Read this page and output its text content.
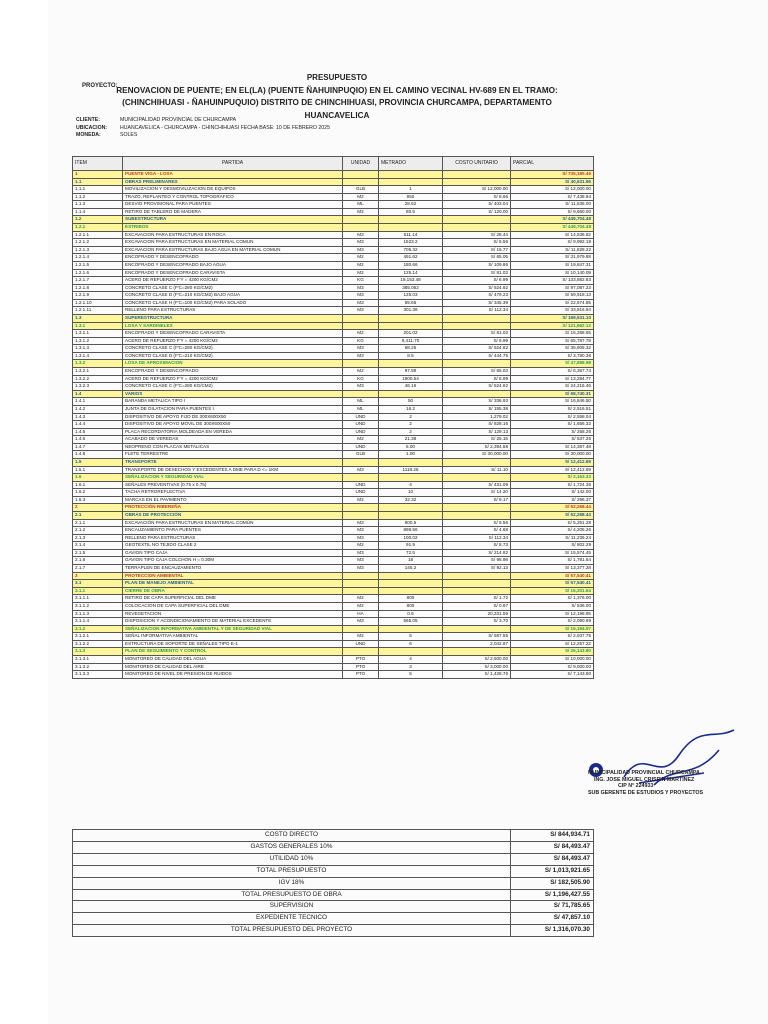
PRESUPUESTO
RENOVACION DE PUENTE; EN EL(LA) (PUENTE ÑAHUINPUQIO) EN EL CAMINO VECINAL HV-689 EN EL TRAMO:
(CHINCHIHUASI - ÑAHUINPUQUIO) DISTRITO DE CHINCHIHUASI, PROVINCIA CHURCAMPA, DEPARTAMENTO
HUANCAVELICA
PROYECTO:
CLIENTE:	MUNICIPALIDAD PROVINCIAL DE CHURCAMPA
UBICACION:	HUANCAVELICA - CHURCAMPA - CHINCHIHUASI FECHA BASE: 10 DE FEBRERO 2025
MONEDA:	SOLES
ITEM	PARTIDA	UNIDAD	METRADO	COSTO UNITARIO	PARCIAL
1	PUENTE VIGA - LOSA				S/ 735,185.46
1.1	OBRAS PRELIMINARES				S/ 40,631.96
1.1.1	MOVILIZACION Y DESMOVILIZACION DE EQUIPOS	GLB	1	S/ 12,000.00	S/ 12,000.00
1.1.2	TRAZO, REPLANTEO Y CONTROL TOPOGRAFICO	M2	850	S/ 8.66	S/ 7,438.94
1.1.3	DESVIO PROVISIONAL PARA PUENTES	ML	28.62	S/ 403.04	S/ 11,535.00
1.1.4	RETIRO DE TABLERO DE MADERA	M2	80.5	S/ 120.00	S/ 9,660.00
1.2	SUBESTRUCTURA				S/ 449,704.48
1.2.1	ESTRIBOS				S/ 449,704.48
1.2.1.1	EXCAVACION PARA ESTRUCTURAS EN ROCA	M3	511.14	S/ 28.44	S/ 14,536.82
1.2.1.2	EXCAVACION PARA ESTRUCTURAS EN MATERIAL COMUN	M3	1523.2	S/ 6.56	S/ 9,992.19
1.2.1.3	EXCAVACION PARA ESTRUCTURAS BAJO AGUA EN MATERIAL COMUN	M3	705.32	S/ 16.77	S/ 11,828.22
1.2.1.4	ENCOFRADO Y DESENCOFRADO	M2	491.62	S/ 65.05	S/ 31,979.88
1.2.1.5	ENCOFRADO Y DESENCOFRADO BAJO AGUA	M2	180.66	S/ 109.86	S/ 19,847.31
1.2.1.6	ENCOFRADO Y DESENCOFRADO CARAVISTA	M2	125.14	S/ 81.03	S/ 10,140.09
1.2.1.7	ACERO DE REFUERZO F'Y = 4200 KG/CM2	KG	19,153.48	S/ 6.99	S/ 133,882.83
1.2.1.8	CONCRETO CLASE C (F'C=280 KG/CM2)	M3	385.062	S/ 524.62	S/ 97,087.23
1.2.1.9	CONCRETO CLASE D (F'C=210 KG/CM2) BAJO AGUA	M3	125.03	S/ 479.23	S/ 59,918.13
1.2.1.10	CONCRETO CLASE H (F'C=100 KG/CM2) PARA SOLADO	M3	65.65	S/ 345.39	S/ 22,674.85
1.2.1.11	RELLENO PARA ESTRUCTURAS	M3	301.36	S/ 112.34	S/ 33,816.94
1.3	SUPERESTRUCTURA				S/ 169,531.10
1.3.1	LOSA Y SARDINELES				S/ 121,662.12
1.3.1.1	ENCOFRADO Y DESENCOFRADO CARAVISTA	M2	201.02	S/ 81.03	S/ 16,288.65
1.3.1.2	ACERO DE REFUERZO F'Y = 4200 KG/CM2	KG	9,411.70	S/ 6.99	S/ 65,787.78
1.3.1.3	CONCRETO CLASE C (F'C=280 KG/CM2)	M3	68.25	S/ 524.62	S/ 35,805.32
1.3.1.4	CONCRETO CLASE D (F'C=210 KG/CM2)	M3	8.5	S/ 444.75	S/ 3,780.38
1.3.2	LOSA DE APROXIMACION				S/ 47,868.98
1.3.2.1	ENCOFRADO Y DESENCOFRADO	M2	97.89	S/ 65.03	S/ 6,367.74
1.3.2.2	ACERO DE REFUERZO F'Y = 4200 KG/CM2	KG	1900.54	S/ 6.99	S/ 13,284.77
1.3.2.3	CONCRETO CLASE C (F'C=280 KG/CM2)	M3	46.16	S/ 524.62	S/ 24,216.46
1.4	VARIOS				S/ 68,740.31
1.4.1	BARANDA METALICA TIPO I	ML	50	S/ 336.93	S/ 16,846.50
1.4.2	JUNTA DE DILATACION PARA PUENTES I	ML	16.2	S/ 155.38	S/ 2,516.51
1.4.3	DISPOSITIVO DE APOYO FIJO DE 300X600X50	UND	2	1,279.02	S/ 2,558.04
1.4.4	DISPOSITIVO DE APOYO MOVIL DE 300X600X50	UND	2	S/ 828.16	S/ 1,656.32
1.4.5	PLACA RECORDATORIA MOLDEADA EN VEREDA	UND	2	S/ 129.13	S/ 258.26
1.4.6	ACABADO DE VEREDAS	M2	21.38	S/ 25.15	S/ 537.26
1.4.7	NEOPRENO CON PLACAS METALICAS	UND	6.00	S/ 2,394.58	S/ 14,367.48
1.4.8	FLETE TERRESTRE	GLB	1.00	S/ 30,000.00	S/ 30,000.00
1.5	TRANSPORTE				S/ 12,412.69
1.5.1	TRANSPORTE DE DESECHOS Y EXCEDENTES A DME PARA D <= 1KM	M3	1118.26	S/ 11.10	S/ 12,412.69
1.6	SEÑALIZACION Y SEGURIDAD VIAL				S/ 2,163.33
1.6.1	SEÑALES PREVENTIVAS (0.75 x 0.75)	UND	4	S/ 431.09	S/ 1,724.36
1.6.2	TACHA RETROREFLECTIVA	UND	10	S/ 14.20	S/ 142.00
1.6.3	MARCAS EN EL PAVIMENTO	M2	32.32	S/ 9.17	S/ 296.37
2	PROTECCIÓN RIBEREÑA				S/ 52,268.44
2.1	OBRAS DE PROTECCIÓN				S/ 52,268.44
2.1.1	EXCAVACIÓN PARA ESTRUCTURAS EN MATERIAL COMÚN	M3	800.5	S/ 6.56	S/ 5,251.28
2.1.2	ENCAUZAMIENTO PARA PUENTES	M3	898.56	S/ 4.68	S/ 4,205.26
2.1.3	RELLENO PARA ESTRUCTURAS	M3	100.02	S/ 112.34	S/ 11,236.24
2.1.4	GEOTEXTIL NO TEJIDO CLASE 2	M2	91.9	S/ 8.73	S/ 802.29
2.1.5	GAVION TIPO CAJA	M3	72.5	S/ 214.82	S/ 15,574.45
2.1.6	GAVION TIPO CAJA COLCHON H = 0.30M	M3	18	S/ 98.98	S/ 1,781.64
2.1.7	TERRAPLEN DE ENCAUZAMIENTO	M3	145.2	S/ 92.13	S/ 13,377.28
3	PROTECCION AMBIENTAL				S/ 57,540.41
3.1	PLAN DE MANEJO AMBIENTAL				S/ 57,540.41
3.1.1	CIERRE DE OBRA				S/ 16,201.64
3.1.1.1	RETIRO DE CAPA SUPERFICIAL DEL DME	M2	800	S/ 1.72	S/ 1,376.00
3.1.1.2	COLOCACION DE CAPA SUPERFICIAL DEL DME	M2	800	S/ 0.67	S/ 536.00
3.1.1.3	REVEGETACION	HA	0.6	20,331.59	S/ 12,198.95
3.1.1.4	DISPOSICION Y ACONDICIONAMIENTO DE MATERIAL EXCEDENTE	M3	565.05	S/ 3.70	S/ 2,090.69
3.1.2	SEÑALIZACION INFORMATIVA AMBIENTAL Y DE SEGURIDAD VIAL				S/ 15,194.97
3.1.2.1	SEÑAL INFORMATIVA AMBIENTAL	M2	5	S/ 587.55	S/ 2,937.75
3.1.2.2	ESTRUCTURA DE SOPORTE DE SEÑALES TIPO E-1	UND	6	2,042.87	S/ 12,257.22
3.1.3	PLAN DE SEGUIMIENTO Y CONTROL				S/ 26,143.80
3.1.3.1	MONITOREO DE CALIDAD DEL AGUA	PTO	4	S/ 2,500.00	S/ 10,000.00
3.1.3.2	MONITOREO DE CALIDAD DEL AIRE	PTO	3	S/ 3,000.00	S/ 9,000.00
3.1.3.3	MONITOREO DE NIVEL DE PRESION DE RUIDOS	PTO	5	S/ 1,428.76	S/ 7,143.80
COSTO DIRECTO	S/ 844,934.71
GASTOS GENERALES 10%	S/ 84,493.47
UTILIDAD 10%	S/ 84,493.47
TOTAL PRESUPUESTO	S/ 1,013,921.65
IGV 18%	S/ 182,505.90
TOTAL PRESUPUESTO DE OBRA	S/ 1,196,427.55
SUPERVISION	S/ 71,785.65
EXPEDIENTE TECNICO	S/ 47,857.10
TOTAL PRESUPUESTO DEL PROYECTO	S/ 1,316,070.30
MUNICIPALIDAD PROVINCIAL CHURCAMPA
ING. JOSE MIGUEL CRISPIN MARTINEZ
CIP N° 224933
SUB GERENTE DE ESTUDIOS Y PROYECTOS
